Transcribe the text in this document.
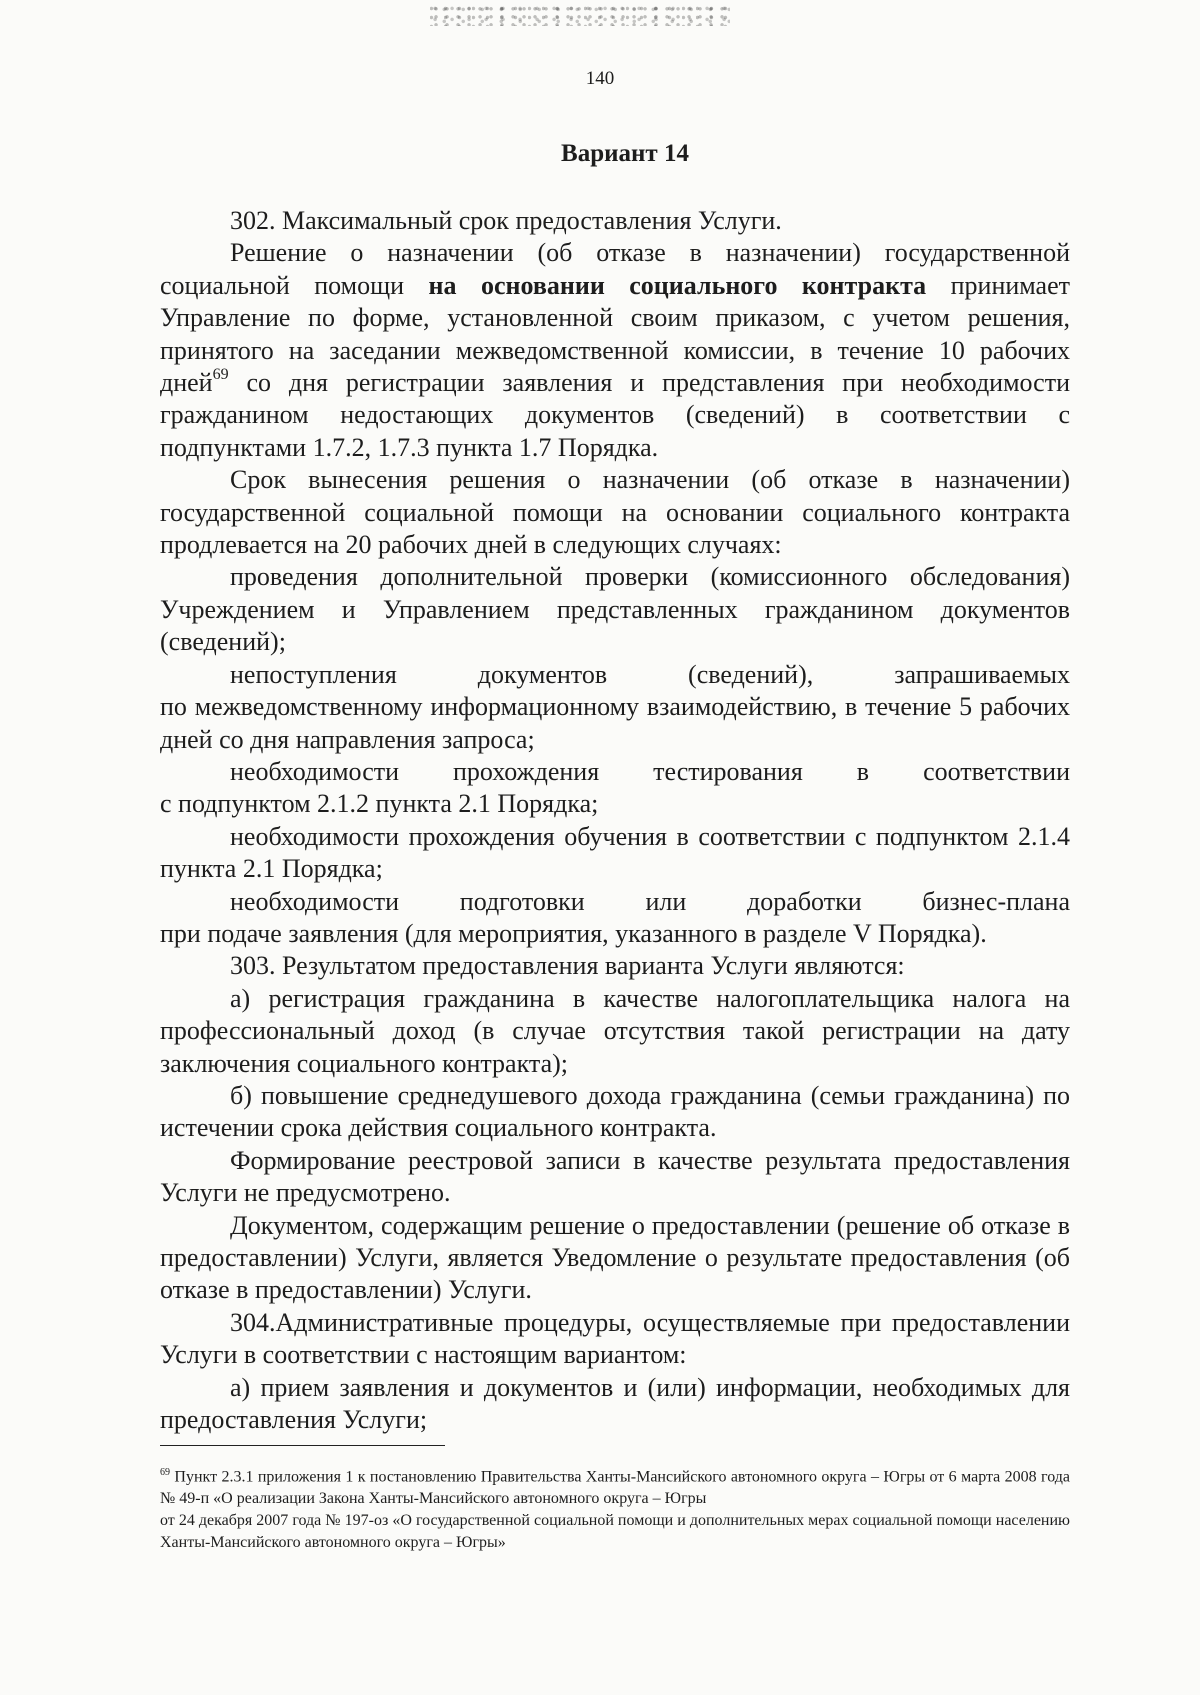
140
Вариант 14

302. Максимальный срок предоставления Услуги.

Решение о назначении (об отказе в назначении) государственной социальной помощи на основании социального контракта принимает Управление по форме, установленной своим приказом, с учетом решения, принятого на заседании межведомственной комиссии, в течение 10 рабочих дней$^{69}$ со дня регистрации заявления и представления при необходимости гражданином недостающих документов (сведений) в соответствии с подпунктами 1.7.2, 1.7.3 пункта 1.7 Порядка.

Срок вынесения решения о назначении (об отказе в назначении) государственной социальной помощи на основании социального контракта продлевается на 20 рабочих дней в следующих случаях:

проведения дополнительной проверки (комиссионного обследования) Учреждением и Управлением представленных гражданином документов (сведений);

непоступления документов (сведений), запрашиваемых

по межведомственному информационному взаимодействию, в течение 5 рабочих дней со дня направления запроса;

необходимости прохождения тестирования в соответствии

с подпунктом 2.1.2 пункта 2.1 Порядка;

необходимости прохождения обучения в соответствии с подпунктом 2.1.4 пункта 2.1 Порядка;

необходимости подготовки или доработки бизнес-плана

при подаче заявления (для мероприятия, указанного в разделе V Порядка).

303. Результатом предоставления варианта Услуги являются:

а) регистрация гражданина в качестве налогоплательщика налога на профессиональный доход (в случае отсутствия такой регистрации на дату заключения социального контракта);

б) повышение среднедушевого дохода гражданина (семьи гражданина) по истечении срока действия социального контракта.

Формирование реестровой записи в качестве результата предоставления Услуги не предусмотрено.

Документом, содержащим решение о предоставлении (решение об отказе в предоставлении) Услуги, является Уведомление о результате предоставления (об отказе в предоставлении) Услуги.

304.Административные процедуры, осуществляемые при предоставлении Услуги в соответствии с настоящим вариантом:

а) прием заявления и документов и (или) информации, необходимых для предоставления Услуги;

$^{69}$ Пункт 2.3.1 приложения 1 к постановлению Правительства Ханты-Мансийского автономного округа – Югры от 6 марта 2008 года № 49-п «О реализации Закона Ханты-Мансийского автономного округа – Югры

от 24 декабря 2007 года № 197-оз «О государственной социальной помощи и дополнительных мерах социальной помощи населению Ханты-Мансийского автономного округа – Югры»
